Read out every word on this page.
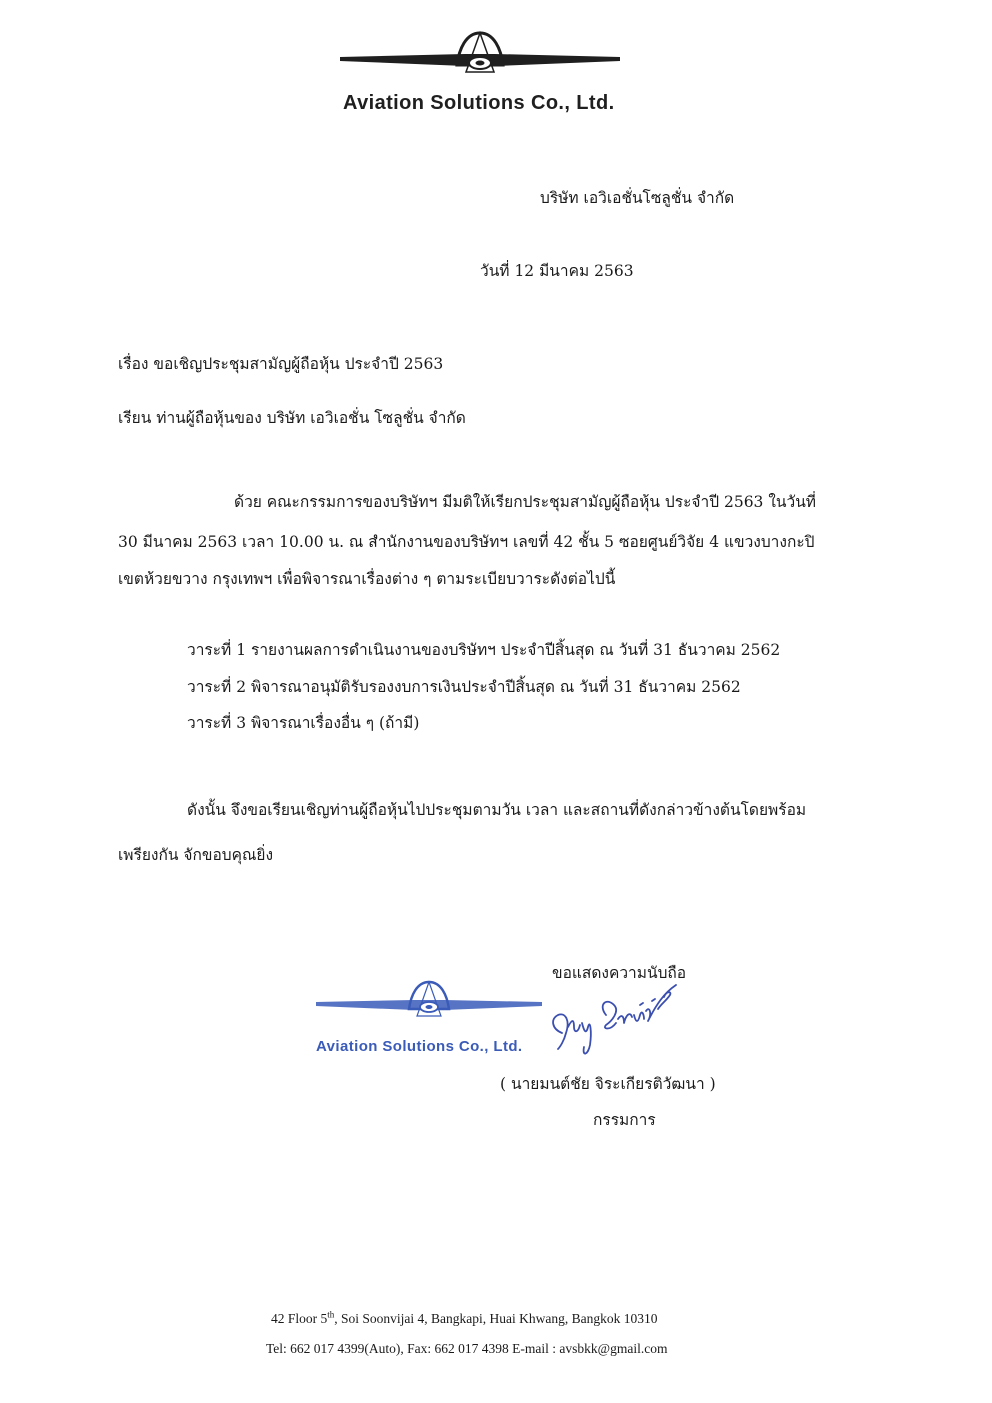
Aviation Solutions Co., Ltd.
บริษัท เอวิเอชั่นโซลูชั่น จำกัด
วันที่ 12 มีนาคม 2563
เรื่อง ขอเชิญประชุมสามัญผู้ถือหุ้น ประจำปี 2563
เรียน ท่านผู้ถือหุ้นของ บริษัท เอวิเอชั่น โซลูชั่น จำกัด
ด้วย คณะกรรมการของบริษัทฯ มีมติให้เรียกประชุมสามัญผู้ถือหุ้น ประจำปี 2563 ในวันที่
30 มีนาคม 2563 เวลา 10.00 น. ณ สำนักงานของบริษัทฯ เลขที่ 42 ชั้น 5 ซอยศูนย์วิจัย 4 แขวงบางกะปิ
เขตห้วยขวาง กรุงเทพฯ เพื่อพิจารณาเรื่องต่าง ๆ ตามระเบียบวาระดังต่อไปนี้
วาระที่ 1 รายงานผลการดำเนินงานของบริษัทฯ ประจำปีสิ้นสุด ณ วันที่ 31 ธันวาคม 2562
วาระที่ 2 พิจารณาอนุมัติรับรองงบการเงินประจำปีสิ้นสุด ณ วันที่ 31 ธันวาคม 2562
วาระที่ 3 พิจารณาเรื่องอื่น ๆ (ถ้ามี)
ดังนั้น จึงขอเรียนเชิญท่านผู้ถือหุ้นไปประชุมตามวัน เวลา และสถานที่ดังกล่าวข้างต้นโดยพร้อม
เพรียงกัน จักขอบคุณยิ่ง
ขอแสดงความนับถือ
Aviation Solutions Co., Ltd.
( นายมนต์ชัย จิระเกียรติวัฒนา )
กรรมการ
42 Floor 5th, Soi Soonvijai 4, Bangkapi, Huai Khwang, Bangkok 10310
Tel: 662 017 4399(Auto), Fax: 662 017 4398 E-mail : avsbkk@gmail.com
